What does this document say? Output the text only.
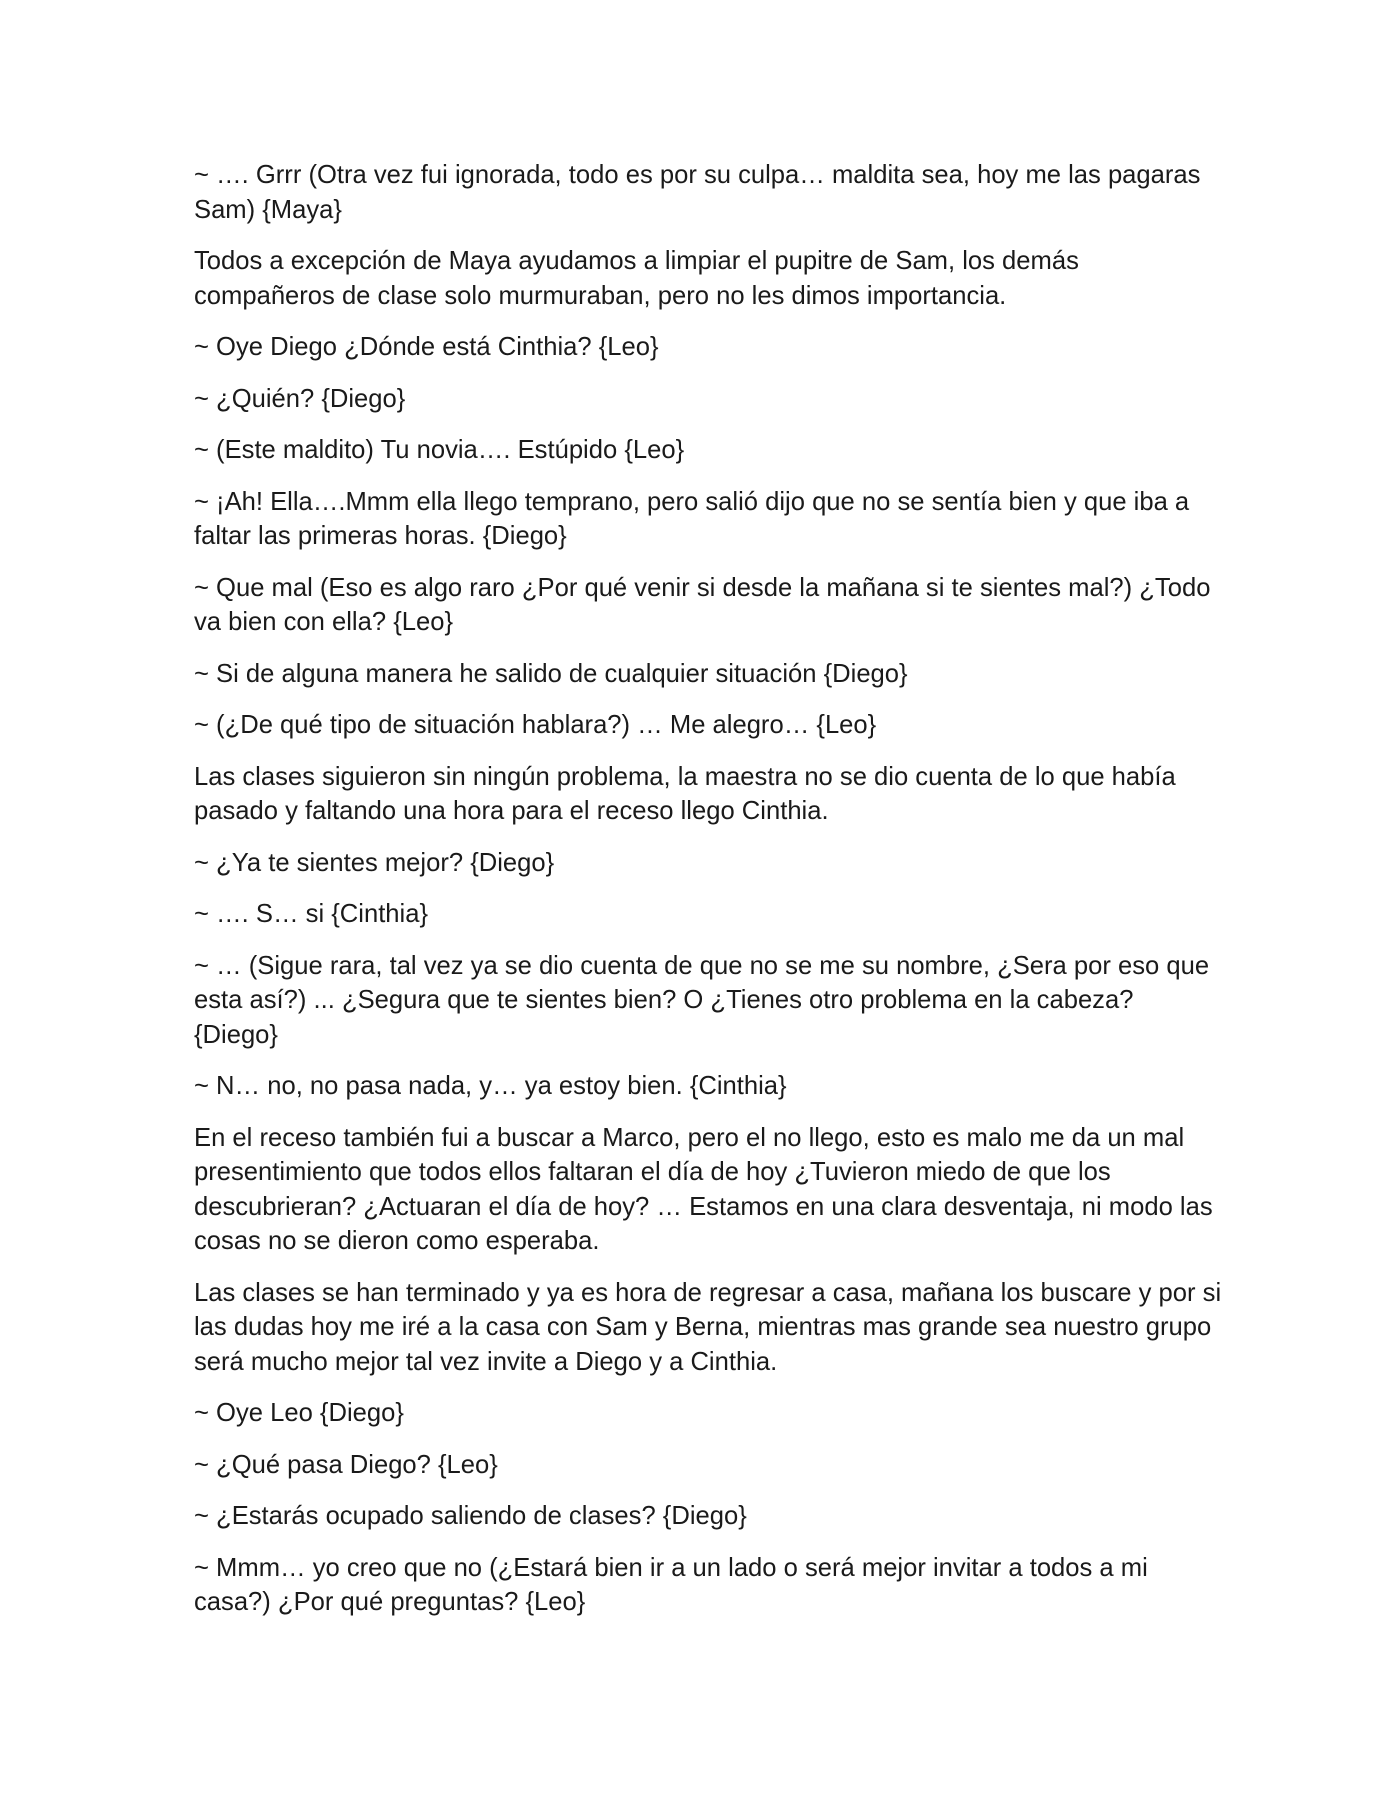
~ …. Grrr (Otra vez fui ignorada, todo es por su culpa… maldita sea, hoy me las pagaras Sam) {Maya}

Todos a excepción de Maya ayudamos a limpiar el pupitre de Sam, los demás compañeros de clase solo murmuraban, pero no les dimos importancia.

~ Oye Diego ¿Dónde está Cinthia? {Leo}

~ ¿Quién? {Diego}

~ (Este maldito) Tu novia…. Estúpido {Leo}

~ ¡Ah! Ella….Mmm ella llego temprano, pero salió dijo que no se sentía bien y que iba a faltar las primeras horas. {Diego}

~ Que mal (Eso es algo raro ¿Por qué venir si desde la mañana si te sientes mal?) ¿Todo va bien con ella? {Leo}

~ Si de alguna manera he salido de cualquier situación {Diego}

~ (¿De qué tipo de situación hablara?) … Me alegro… {Leo}

Las clases siguieron sin ningún problema, la maestra no se dio cuenta de lo que había pasado y faltando una hora para el receso llego Cinthia.

~ ¿Ya te sientes mejor? {Diego}

~ …. S… si {Cinthia}

~ … (Sigue rara, tal vez ya se dio cuenta de que no se me su nombre, ¿Sera por eso que esta así?) ... ¿Segura que te sientes bien? O ¿Tienes otro problema en la cabeza? {Diego}

~ N… no, no pasa nada, y… ya estoy bien. {Cinthia}

En el receso también fui a buscar a Marco, pero el no llego, esto es malo me da un mal presentimiento que todos ellos faltaran el día de hoy ¿Tuvieron miedo de que los descubrieran? ¿Actuaran el día de hoy? … Estamos en una clara desventaja, ni modo las cosas no se dieron como esperaba.

Las clases se han terminado y ya es hora de regresar a casa, mañana los buscare y por si las dudas hoy me iré a la casa con Sam y Berna, mientras mas grande sea nuestro grupo será mucho mejor tal vez invite a Diego y a Cinthia.

~ Oye Leo {Diego}

~ ¿Qué pasa Diego? {Leo}

~ ¿Estarás ocupado saliendo de clases? {Diego}

~ Mmm… yo creo que no (¿Estará bien ir a un lado o será mejor invitar a todos a mi casa?) ¿Por qué preguntas? {Leo}
